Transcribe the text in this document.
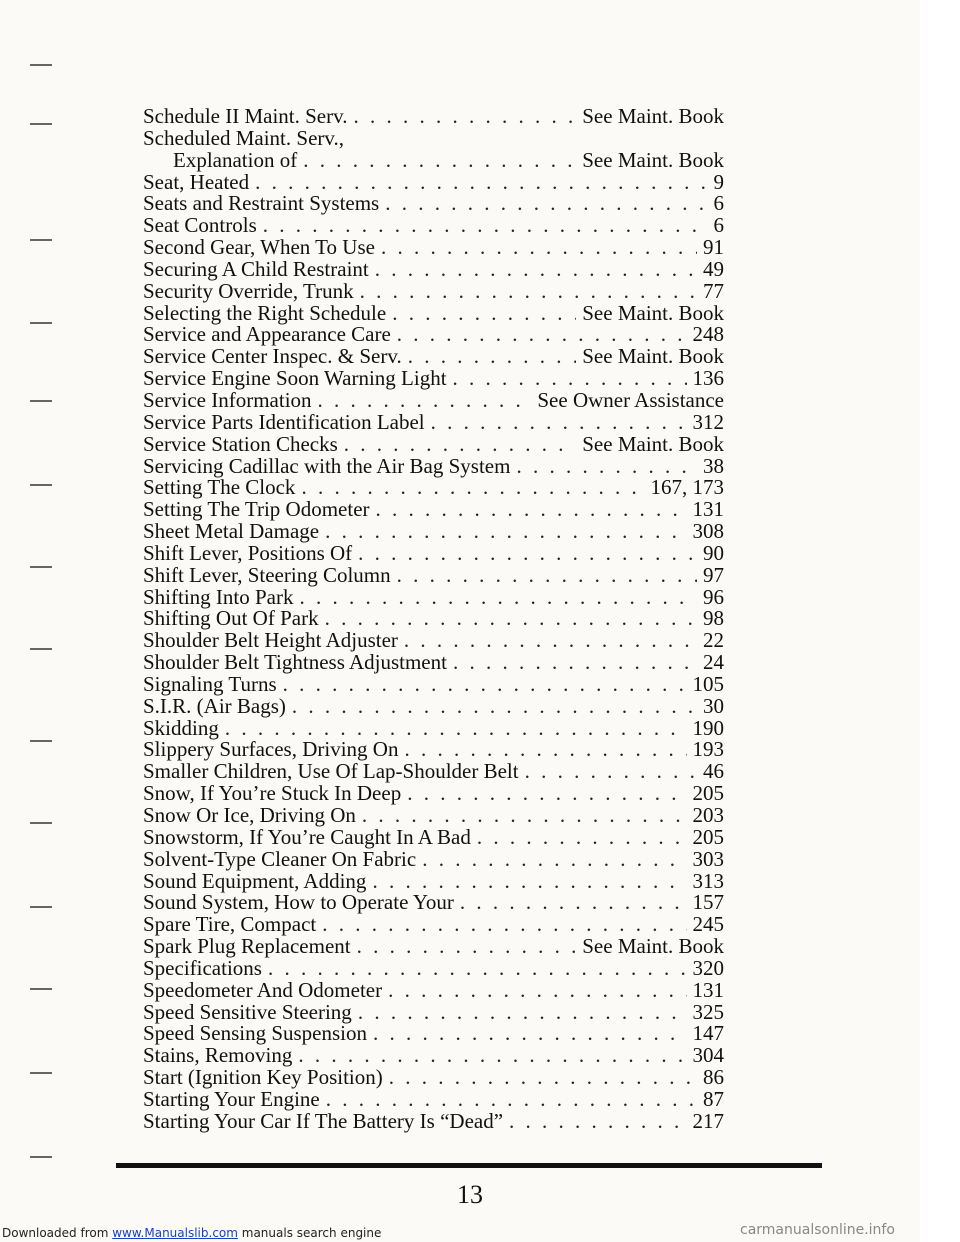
Schedule II Maint. Serv. . . .	See Maint. Book
Scheduled Maint. Serv.,
Explanation of . . .	See Maint. Book
Seat, Heated . . .	9
Seats and Restraint Systems . . .	6
Seat Controls . . .	6
Second Gear, When To Use . . .	91
Securing A Child Restraint . . .	49
Security Override, Trunk . . .	77
Selecting the Right Schedule . . .	See Maint. Book
Service and Appearance Care . . .	248
Service Center Inspec. & Serv. . . .	See Maint. Book
Service Engine Soon Warning Light . . .	136
Service Information . . .	See Owner Assistance
Service Parts Identification Label . . .	312
Service Station Checks . . .	See Maint. Book
Servicing Cadillac with the Air Bag System . . .	38
Setting The Clock . . .	167, 173
Setting The Trip Odometer . . .	131
Sheet Metal Damage . . .	308
Shift Lever, Positions Of . . .	90
Shift Lever, Steering Column . . .	97
Shifting Into Park . . .	96
Shifting Out Of Park . . .	98
Shoulder Belt Height Adjuster . . .	22
Shoulder Belt Tightness Adjustment . . .	24
Signaling Turns . . .	105
S.I.R. (Air Bags) . . .	30
Skidding . . .	190
Slippery Surfaces, Driving On . . .	193
Smaller Children, Use Of Lap-Shoulder Belt . . .	46
Snow, If You’re Stuck In Deep . . .	205
Snow Or Ice, Driving On . . .	203
Snowstorm, If You’re Caught In A Bad . . .	205
Solvent-Type Cleaner On Fabric . . .	303
Sound Equipment, Adding . . .	313
Sound System, How to Operate Your . . .	157
Spare Tire, Compact . . .	245
Spark Plug Replacement . . .	See Maint. Book
Specifications . . .	320
Speedometer And Odometer . . .	131
Speed Sensitive Steering . . .	325
Speed Sensing Suspension . . .	147
Stains, Removing . . .	304
Start (Ignition Key Position) . . .	86
Starting Your Engine . . .	87
Starting Your Car If The Battery Is “Dead” . . .	217
13
Downloaded from www.Manualslib.com manuals search engine	carmanualsonline.info
